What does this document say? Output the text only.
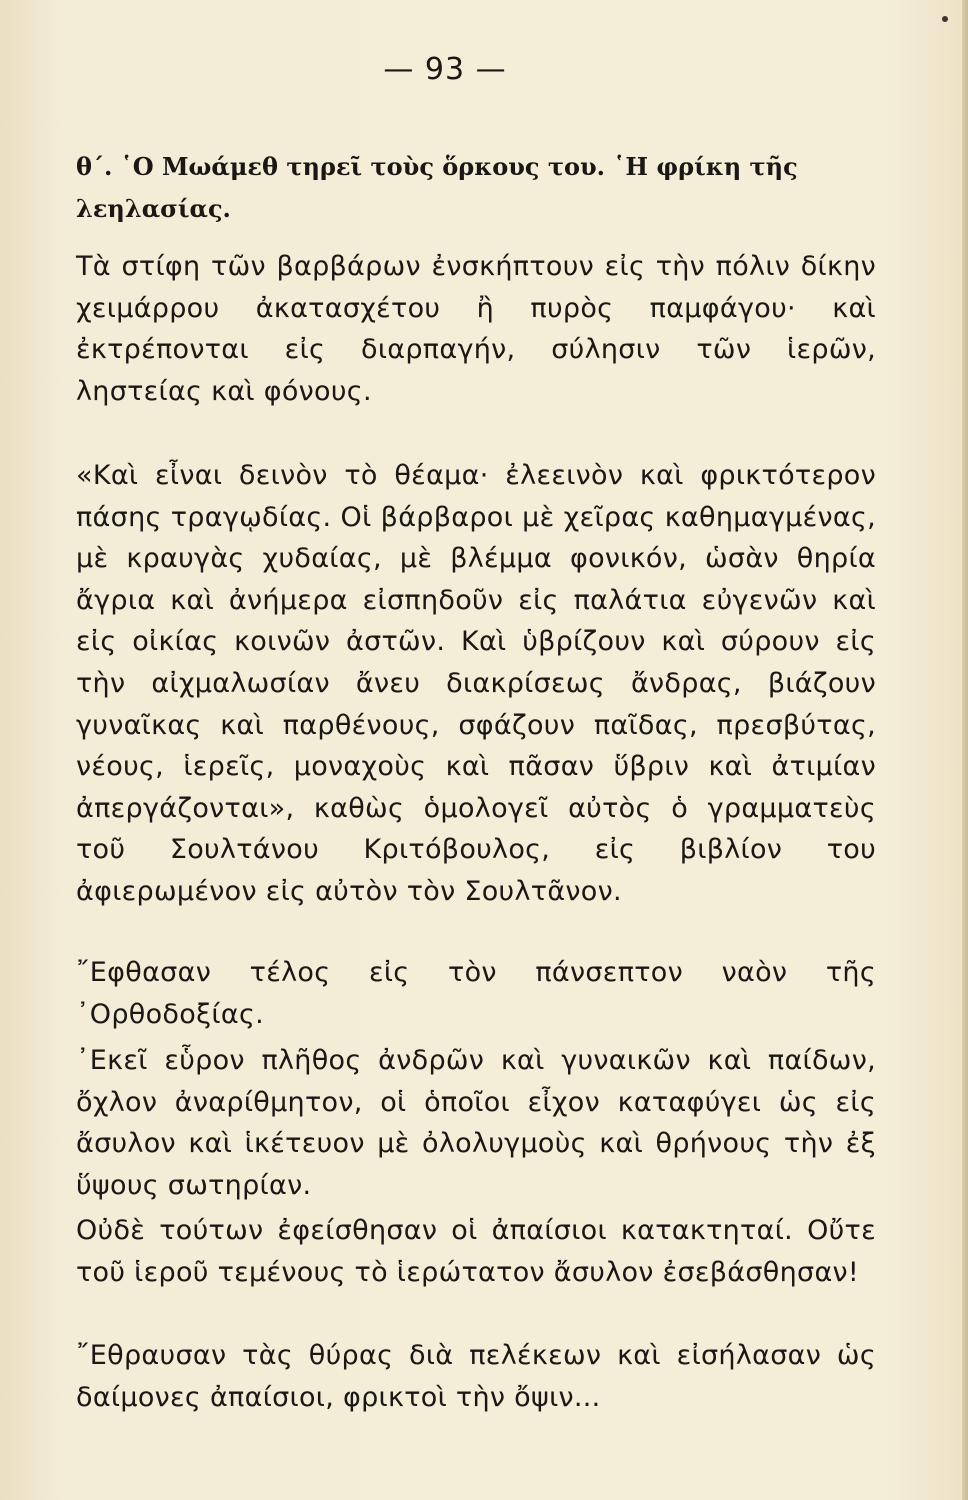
— 93 —
θ΄. ῾Ο Μωάμεθ τηρεῖ τοὺς ὅρκους του. ῾Η φρίκη τῆς λεηλασίας.

Τὰ στίφη τῶν βαρβάρων ἐνσκήπτουν εἰς τὴν πόλιν δίκην χειμάρρου ἀκατασχέτου ἢ πυρὸς παμφάγου· καὶ ἐκτρέπονται εἰς διαρπαγήν, σύλησιν τῶν ἱερῶν, ληστείας καὶ φόνους.

«Καὶ εἶναι δεινὸν τὸ θέαμα· ἐλεεινὸν καὶ φρικτότερον πάσης τραγῳδίας. Οἱ βάρβαροι μὲ χεῖρας καθημαγμένας, μὲ κραυγὰς χυδαίας, μὲ βλέμμα φονικόν, ὡσὰν θηρία ἄγρια καὶ ἀνήμερα εἰσπηδοῦν εἰς παλάτια εὐγενῶν καὶ εἰς οἰκίας κοινῶν ἀστῶν. Καὶ ὑβρίζουν καὶ σύρουν εἰς τὴν αἰχμαλωσίαν ἄνευ διακρίσεως ἄνδρας, βιάζουν γυναῖκας καὶ παρθένους, σφάζουν παῖδας, πρεσβύτας, νέους, ἱερεῖς, μοναχοὺς καὶ πᾶσαν ὕβριν καὶ ἀτιμίαν ἀπεργάζονται», καθὼς ὁμολογεῖ αὐτὸς ὁ γραμματεὺς τοῦ Σουλτάνου Κριτόβουλος, εἰς βιβλίον του ἀφιερωμένον εἰς αὐτὸν τὸν Σουλτᾶνον.

῎Εφθασαν τέλος εἰς τὸν πάνσεπτον ναὸν τῆς ᾿Ορθοδοξίας.

᾿Εκεῖ εὗρον πλῆθος ἀνδρῶν καὶ γυναικῶν καὶ παίδων, ὄχλον ἀναρίθμητον, οἱ ὁποῖοι εἶχον καταφύγει ὡς εἰς ἄσυλον καὶ ἱκέτευον μὲ ὀλολυγμοὺς καὶ θρήνους τὴν ἐξ ὕψους σωτηρίαν.

Οὐδὲ τούτων ἐφείσθησαν οἱ ἀπαίσιοι κατακτηταί. Οὔτε τοῦ ἱεροῦ τεμένους τὸ ἱερώτατον ἄσυλον ἐσεβάσθησαν!

῎Εθραυσαν τὰς θύρας διὰ πελέκεων καὶ εἰσήλασαν ὡς δαίμονες ἀπαίσιοι, φρικτοὶ τὴν ὄψιν...
